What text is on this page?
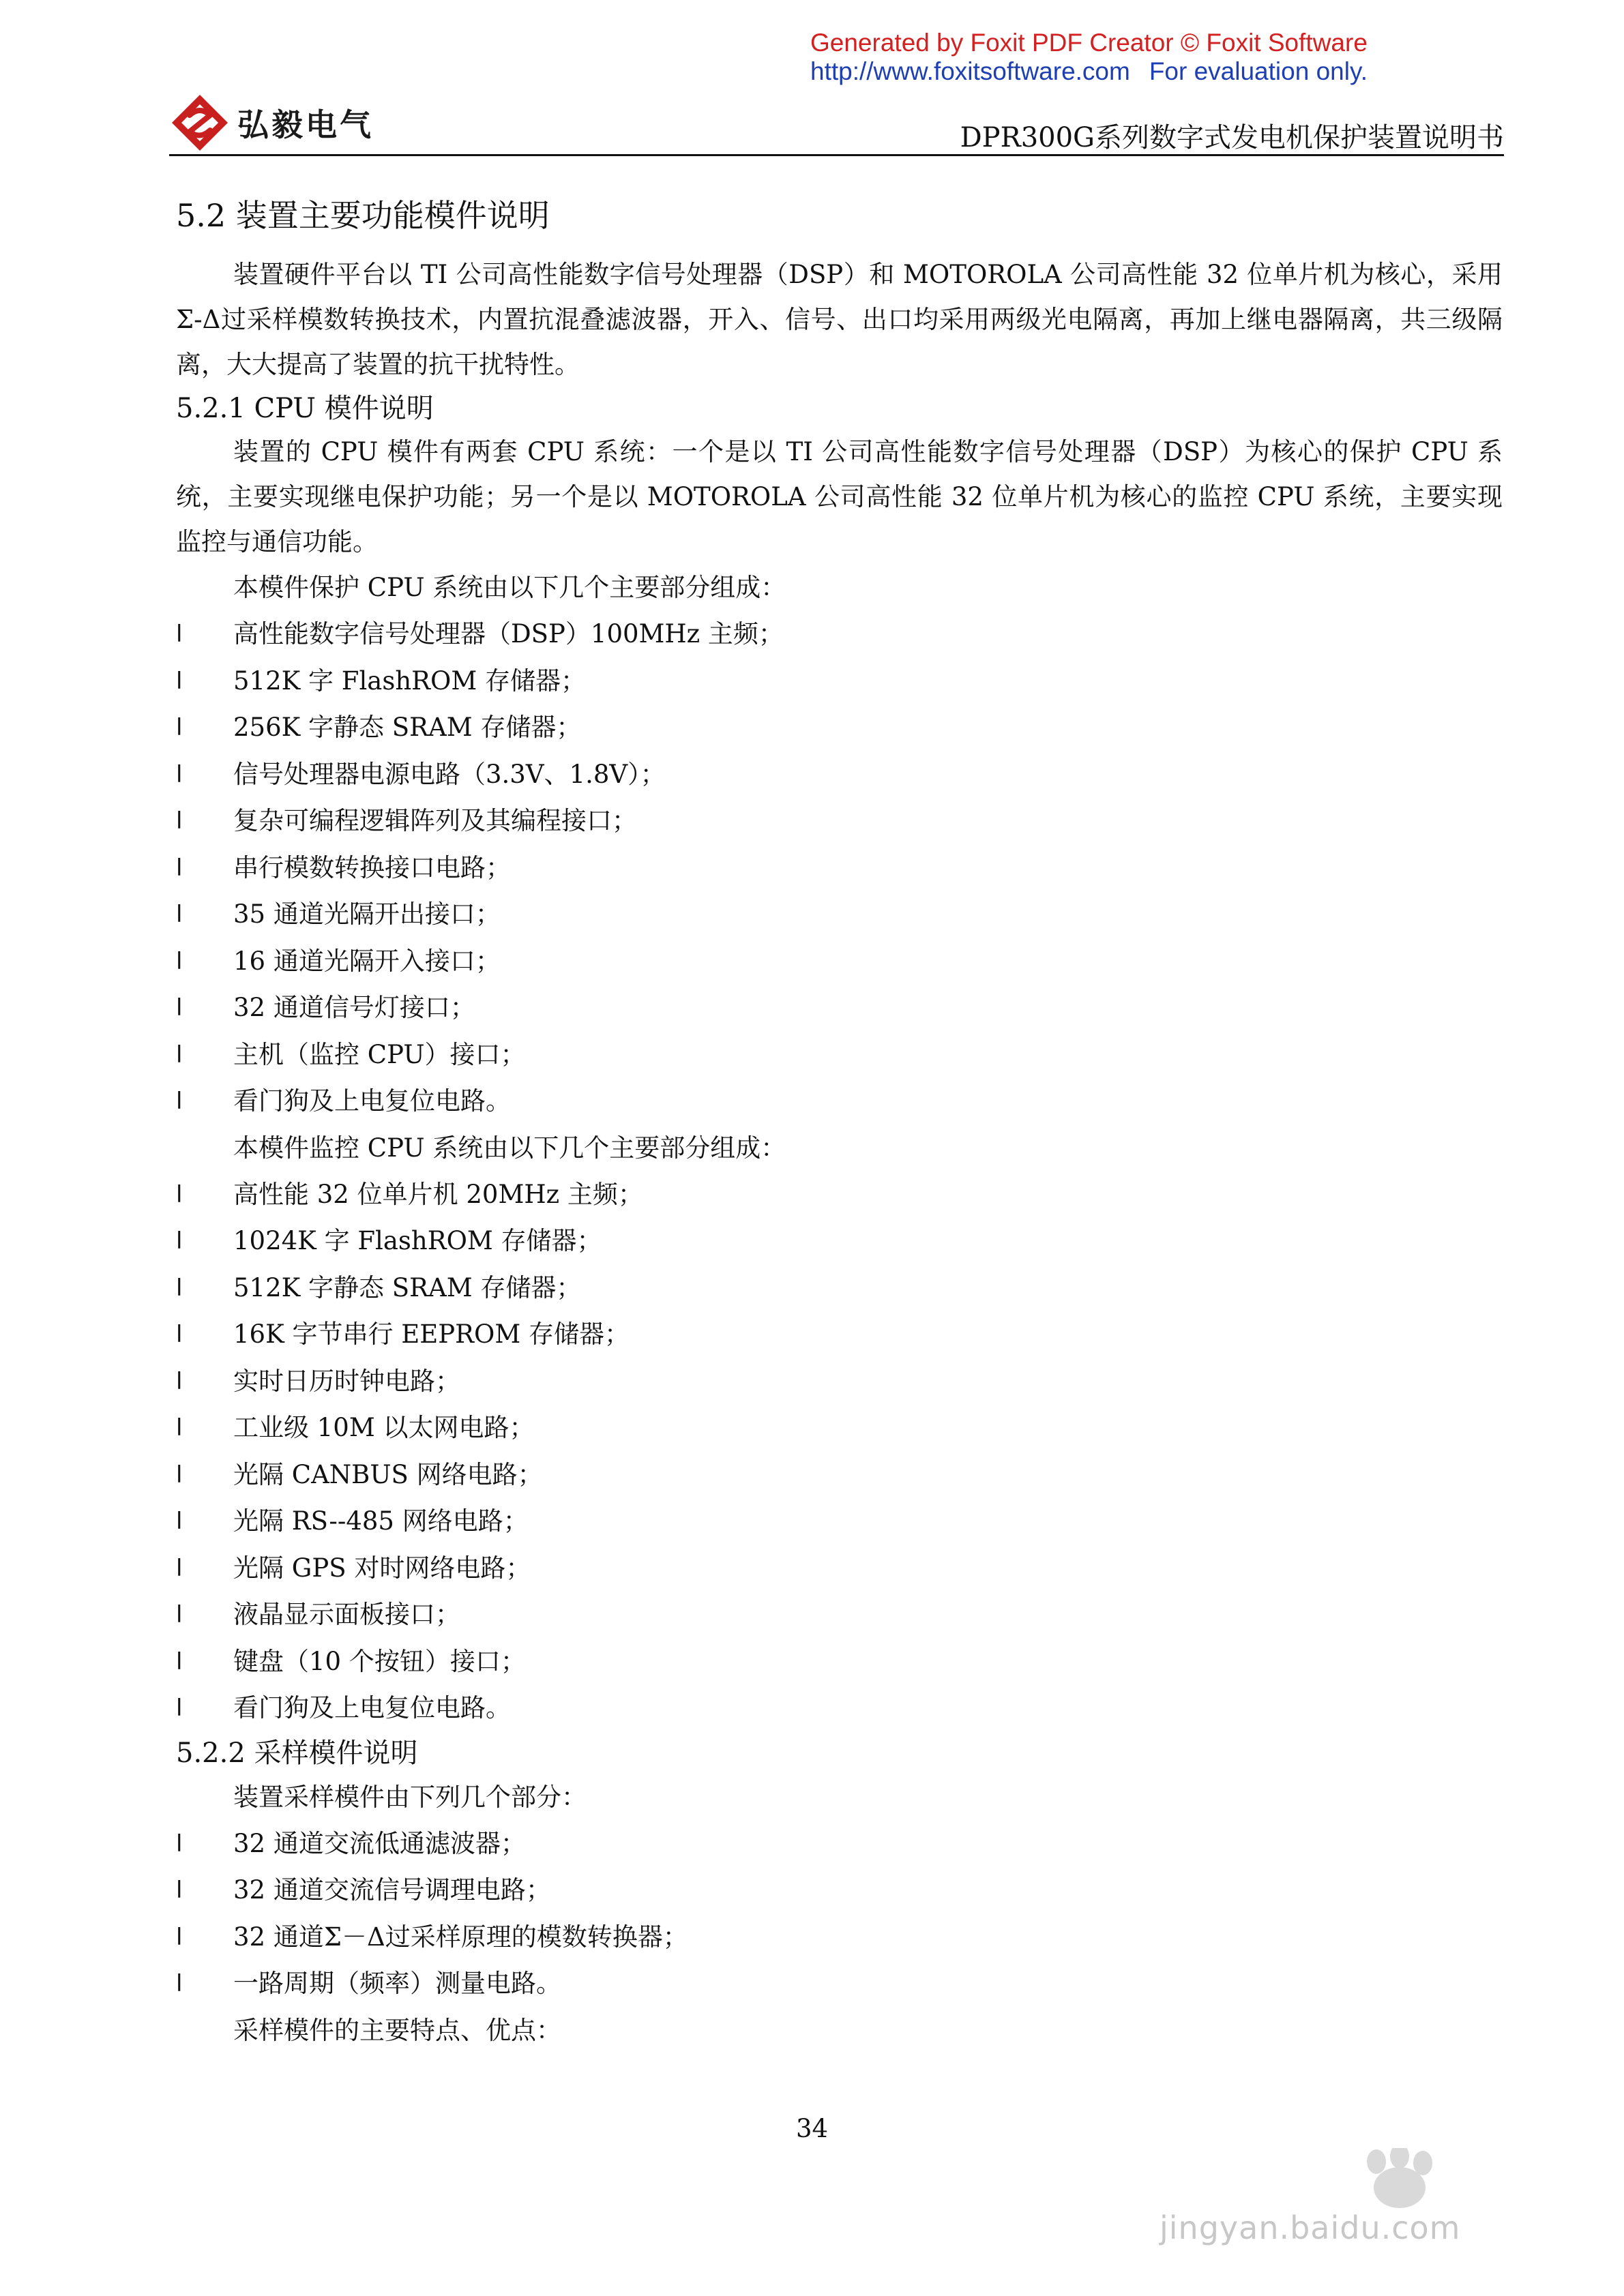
Generated by Foxit PDF Creator © Foxit Software
http://www.foxitsoftware.com For evaluation only.
弘毅电气	DPR300G系列数字式发电机保护装置说明书
5.2 装置主要功能模件说明

装置硬件平台以 TI 公司高性能数字信号处理器（DSP）和 MOTOROLA 公司高性能 32 位单片机为核心，采用Σ-Δ过采样模数转换技术，内置抗混叠滤波器，开入、信号、出口均采用两级光电隔离，再加上继电器隔离，共三级隔离，大大提高了装置的抗干扰特性。

5.2.1 CPU 模件说明

装置的 CPU 模件有两套 CPU 系统：一个是以 TI 公司高性能数字信号处理器（DSP）为核心的保护 CPU 系统，主要实现继电保护功能；另一个是以 MOTOROLA 公司高性能 32 位单片机为核心的监控 CPU 系统，主要实现监控与通信功能。

本模件保护 CPU 系统由以下几个主要部分组成：

l	高性能数字信号处理器（DSP）100MHz 主频；
l	512K 字 FlashROM 存储器；
l	256K 字静态 SRAM 存储器；
l	信号处理器电源电路（3.3V、1.8V）；
l	复杂可编程逻辑阵列及其编程接口；
l	串行模数转换接口电路；
l	35 通道光隔开出接口；
l	16 通道光隔开入接口；
l	32 通道信号灯接口；
l	主机（监控 CPU）接口；
l	看门狗及上电复位电路。

本模件监控 CPU 系统由以下几个主要部分组成：

l	高性能 32 位单片机 20MHz 主频；
l	1024K 字 FlashROM 存储器；
l	512K 字静态 SRAM 存储器；
l	16K 字节串行 EEPROM 存储器；
l	实时日历时钟电路；
l	工业级 10M 以太网电路；
l	光隔 CANBUS 网络电路；
l	光隔 RS--485 网络电路；
l	光隔 GPS 对时网络电路；
l	液晶显示面板接口；
l	键盘（10 个按钮）接口；
l	看门狗及上电复位电路。
5.2.2 采样模件说明

装置采样模件由下列几个部分：

l	32 通道交流低通滤波器；
l	32 通道交流信号调理电路；
l	32 通道Σ－Δ过采样原理的模数转换器；
l	一路周期（频率）测量电路。

采样模件的主要特点、优点：

34
jingyan.baidu.com
